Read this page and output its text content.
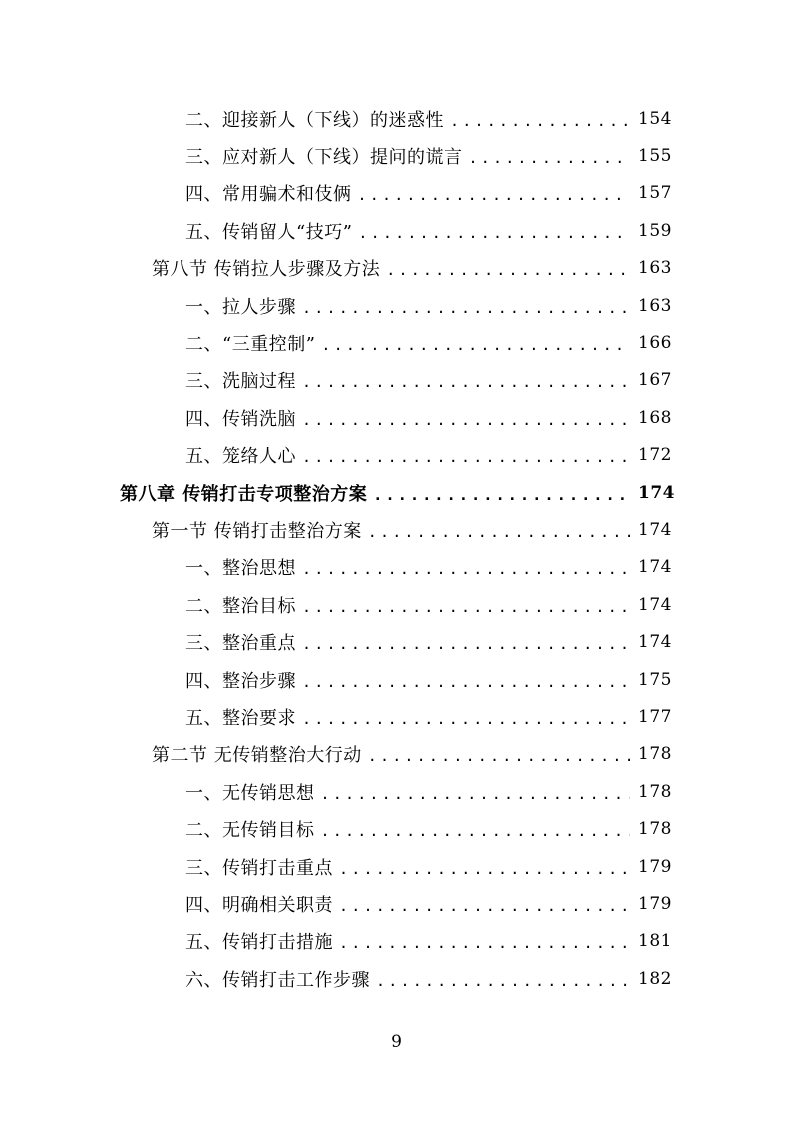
二、迎接新人（下线）的迷惑性 .....	154
三、应对新人（下线）提问的谎言 .....	155
四、常用骗术和伎俩 .....	157
五、传销留人“技巧” .....	159
第八节 传销拉人步骤及方法 .....	163
一、拉人步骤 .....	163
二、“三重控制” .....	166
三、洗脑过程 .....	167
四、传销洗脑 .....	168
五、笼络人心 .....	172
第八章 传销打击专项整治方案 .....	174
第一节 传销打击整治方案 .....	174
一、整治思想 .....	174
二、整治目标 .....	174
三、整治重点 .....	174
四、整治步骤 .....	175
五、整治要求 .....	177
第二节 无传销整治大行动 .....	178
一、无传销思想 .....	178
二、无传销目标 .....	178
三、传销打击重点 .....	179
四、明确相关职责 .....	179
五、传销打击措施 .....	181
六、传销打击工作步骤 .....	182
9
